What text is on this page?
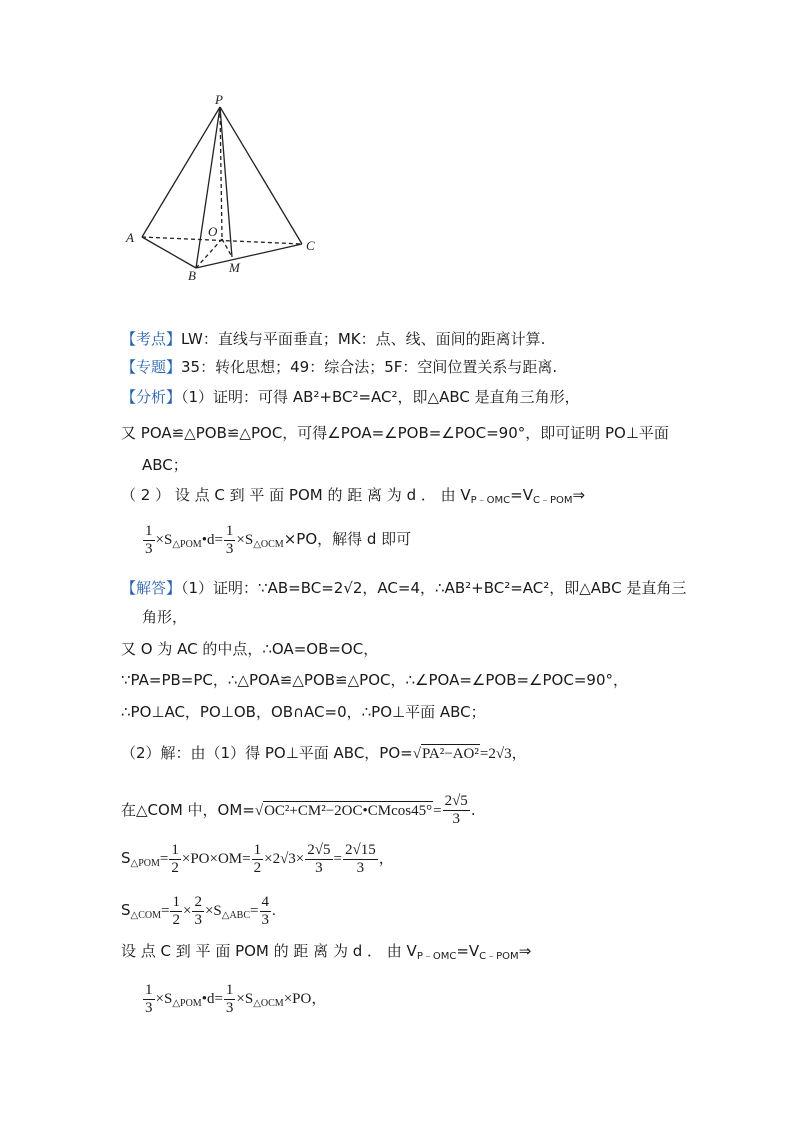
P
A
B
C
O
M
【考点】LW：直线与平面垂直；MK：点、线、面间的距离计算.
【专题】35：转化思想；49：综合法；5F：空间位置关系与距离.
【分析】（1）证明：可得 AB²+BC²=AC²，即△ABC 是直角三角形，
又 POA≌△POB≌△POC，可得∠POA=∠POB=∠POC=90°，即可证明 PO⊥平面
ABC；
（ 2 ） 设 点 C 到 平 面 POM 的 距 离 为 d ． 由 $V_{P﹣OMC}=V_{C﹣POM}\Rightarrow$
$\frac{1}{3}$ $\times S_{\triangle POM}•d= \frac{1}{3} \times S_{\triangle OCM}\times PO$，解得 d 即可
【解答】（1）证明：∵AB=BC=2√2，AC=4，∴AB²+BC²=AC²，即△ABC 是直角三
角形，
又 O 为 AC 的中点，∴OA=OB=OC，
∵PA=PB=PC，∴△POA≌△POB≌△POC，∴∠POA=∠POB=∠POC=90°，
∴PO⊥AC，PO⊥OB，OB∩AC=0，∴PO⊥平面 ABC；
（2）解：由（1）得 PO⊥平面 ABC，PO=√PA²−AO²=2√3，
在△COM 中，OM=√OC²+CM²−2OC•CMcos45°= $\frac{2√5}{3}$ .
$S_{\triangle POM}= \frac{1}{2} \times PO\times OM= \frac{1}{2} \times 2√3\times \frac{2√5}{3} = \frac{2√15}{3}$ ，
$S_{\triangle COM}= \frac{1}{2} \times \frac{2}{3} \times S_{\triangle ABC}= \frac{4}{3}$ .
设 点 C 到 平 面 POM 的 距 离 为 d ． 由 $V_{P﹣OMC}=V_{C﹣POM}\Rightarrow$
$\frac{1}{3}$ $\times S_{\triangle POM}•d= \frac{1}{3} \times S_{\triangle OCM}\times PO$，
